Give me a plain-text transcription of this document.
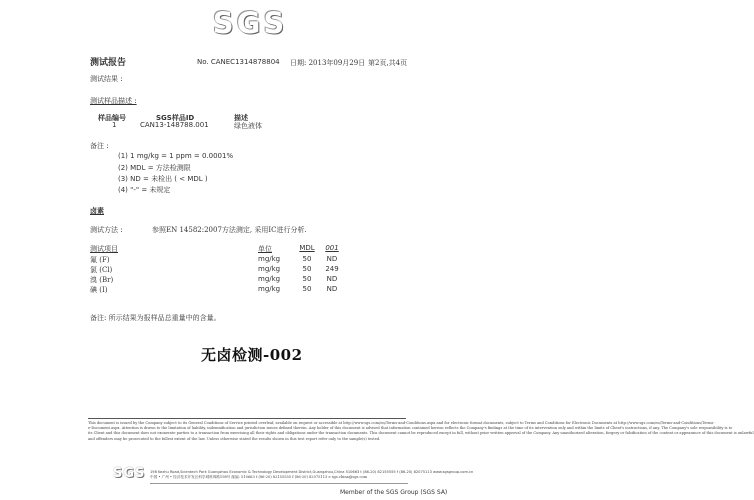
SGS
测试报告	No. CANEC1314878804 日期: 2013年09月29日 第2页,共4页
测试结果 :
测试样品描述 :
样品编号	SGS样品ID	描述
1	CAN13-148788.001	绿色液体
备注 :
(1) 1 mg/kg = 1 ppm = 0.0001%
(2) MDL = 方法检测限
(3) ND = 未检出 ( < MDL )
(4) "-" = 未规定
卤素
测试方法 :	参照EN 14582:2007方法测定, 采用IC进行分析.
测试项目	单位	MDL	001
氟 (F)	mg/kg	50	ND
氯 (Cl)	mg/kg	50	249
溴 (Br)	mg/kg	50	ND
碘 (I)	mg/kg	50	ND
备注: 所示结果为报样品总重量中的含量。
无卤检测-002

This document is issued by the Company subject to its General Conditions of Service printed overleaf, available on request or accessible at http://www.sgs.com/en/Terms-and-Conditions.aspx and for electronic format documents, subject to Terms and Conditions for Electronic Documents at http://www.sgs.com/en/Terms-and-Conditions/Terms-

e-Document.aspx. Attention is drawn to the limitation of liability, indemnification and jurisdiction issues defined therein. Any holder of this document is advised that information contained hereon reflects the Company's findings at the time of its intervention only and within the limits of Client's instructions, if any. The Company's sole responsibility is to

its Client and this document does not exonerate parties to a transaction from exercising all their rights and obligations under the transaction documents. This document cannot be reproduced except in full, without prior written approval of the Company. Any unauthorized alteration, forgery or falsification of the content or appearance of this document is unlawful

and offenders may be prosecuted to the fullest extent of the law. Unless otherwise stated the results shown in this test report refer only to the sample(s) tested.

SGS 198 Kezhu Road,Scientech Park Guangzhou Economic & Technology Development District,Guangzhou,China 510663 t (86-20) 82155555 f (86-20) 82075113 www.sgsgroup.com.cn
中国 • 广州 • 经济技术开发区科学城科珠路198号 邮编: 510663 t (86-20) 82155555 f (86-20) 82075113 e sgs.china@sgs.com
Member of the SGS Group (SGS SA)
